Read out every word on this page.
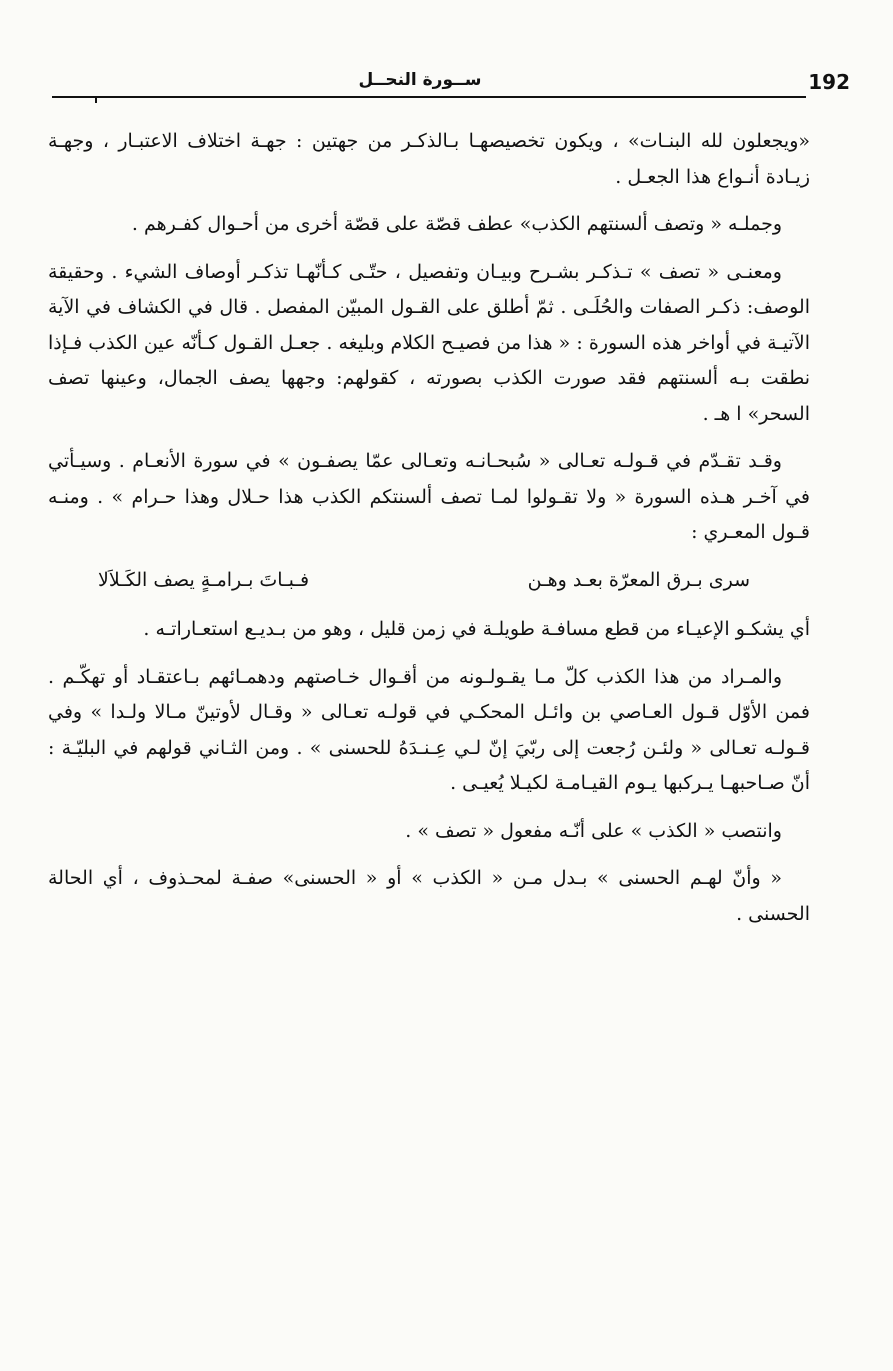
192
ســورة النحــل

«ويجعلون لله البنـات» ، ويكون تخصيصهـا بـالذكـر من جهتين : جهـة اختلاف الاعتبـار ، وجهـة زيـادة أنـواع هذا الجعـل .

وجملـه « وتصف ألسنتهم الكذب» عطف قصّة على قصّة أخرى من أحـوال كفـرهم .

ومعنـى « تصف » تـذكـر بشـرح وبيـان وتفصيل ، حتّـى كـأنّهـا تذكـر أوصاف الشيء . وحقيقة الوصف: ذكـر الصفات والحُلَـى . ثمّ أطلق على القـول المبيّن المفصل . قال في الكشاف في الآية الآتيـة في أواخر هذه السورة : « هذا من فصيـح الكلام وبليغه . جعـل القـول كـأنّه عين الكذب فـإذا نطقت بـه ألسنتهم فقد صورت الكذب بصورته ، كقولهم: وجهها يصف الجمال، وعينها تصف السحر» ا هـ .

وقـد تقـدّم في قـولـه تعـالى « سُبحـانـه وتعـالى عمّا يصفـون » في سورة الأنعـام . وسيـأتي في آخـر هـذه السورة « ولا تقـولوا لمـا تصف ألسنتكم الكذب هذا حـلال وهذا حـرام » . ومنـه قـول المعـري :

سرى بـرق المعرّة بعـد وهـن
فـبـاتَ بـرامـةٍ يصف الكَـلاَلا

أي يشكـو الإعيـاء من قطع مسافـة طويلـة في زمن قليل ، وهو من بـديـع استعـاراتـه .

والمـراد من هذا الكذب كلّ مـا يقـولـونه من أقـوال خـاصتهم ودهمـائهم بـاعتقـاد أو تهكّـم . فمن الأوّل قـول العـاصي بن وائـل المحكـي في قولـه تعـالى « وقـال لأوتينّ مـالا ولـدا » وفي قـولـه تعـالى « ولئـن رُجعت إلى ربّيَ إنّ لـي عِـنـدَهُ للحسنى » . ومن الثـاني قولهم في البليّـة : أنّ صـاحبهـا يـركبها يـوم القيـامـة لكيـلا يُعيـى .

وانتصب « الكذب » على أنّـه مفعول « تصف » .

« وأنّ لهـم الحسنى » بـدل مـن « الكذب » أو « الحسنى» صفـة لمحـذوف ، أي الحالة الحسنى .
